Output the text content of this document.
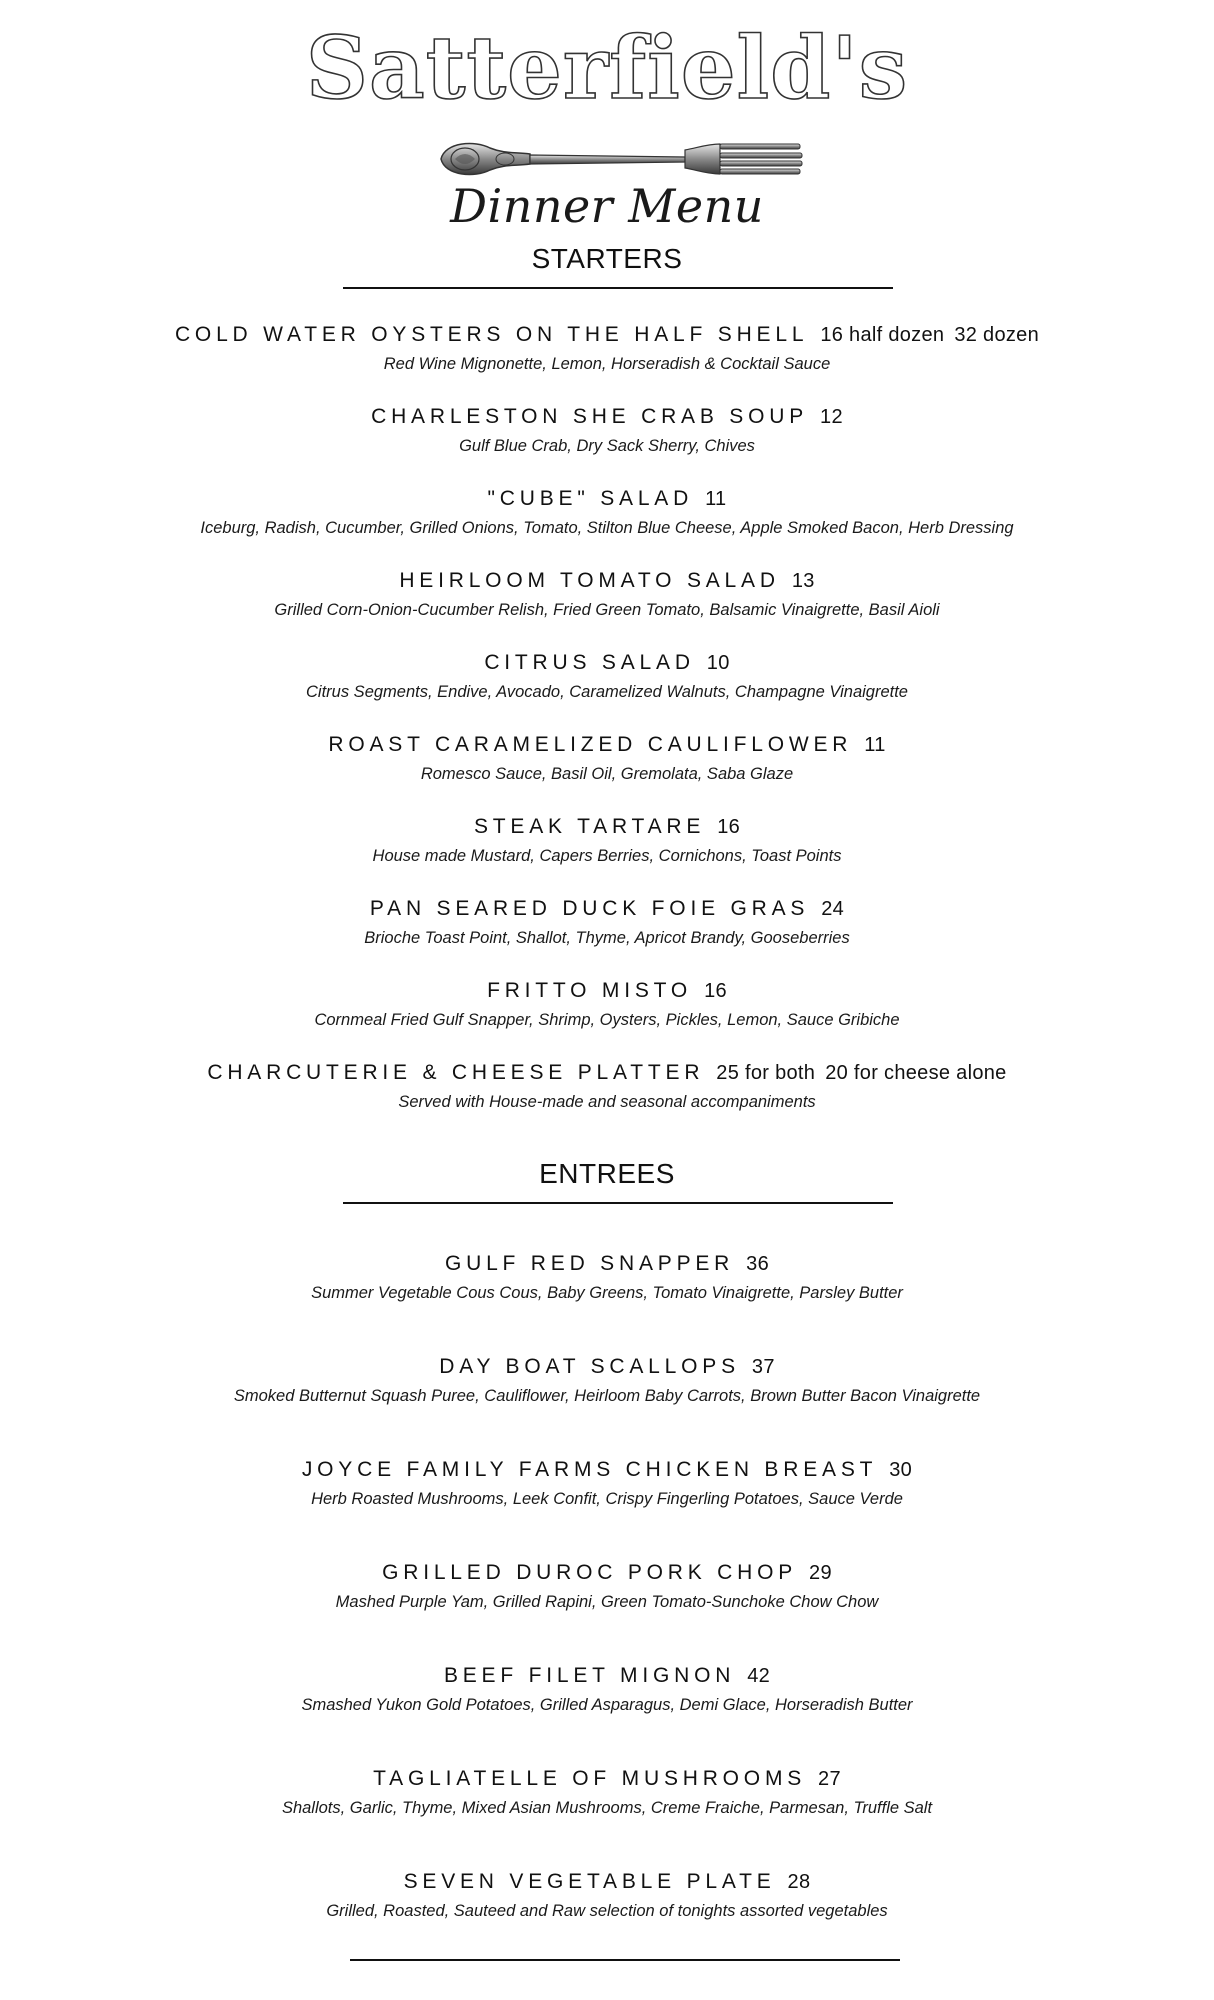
Satterfield's
Dinner Menu
STARTERS
COLD WATER OYSTERS ON THE HALF SHELL 16 half dozen 32 dozen
Red Wine Mignonette, Lemon, Horseradish & Cocktail Sauce
CHARLESTON SHE CRAB SOUP 12
Gulf Blue Crab, Dry Sack Sherry, Chives
"CUBE" SALAD 11
Iceburg, Radish, Cucumber, Grilled Onions, Tomato, Stilton Blue Cheese, Apple Smoked Bacon, Herb Dressing
HEIRLOOM TOMATO SALAD 13
Grilled Corn-Onion-Cucumber Relish, Fried Green Tomato, Balsamic Vinaigrette, Basil Aioli
CITRUS SALAD 10
Citrus Segments, Endive, Avocado, Caramelized Walnuts, Champagne Vinaigrette
ROAST CARAMELIZED CAULIFLOWER 11
Romesco Sauce, Basil Oil, Gremolata, Saba Glaze
STEAK TARTARE 16
House made Mustard, Capers Berries, Cornichons, Toast Points
PAN SEARED DUCK FOIE GRAS 24
Brioche Toast Point, Shallot, Thyme, Apricot Brandy, Gooseberries
FRITTO MISTO 16
Cornmeal Fried Gulf Snapper, Shrimp, Oysters, Pickles, Lemon, Sauce Gribiche
CHARCUTERIE & CHEESE PLATTER 25 for both 20 for cheese alone
Served with House-made and seasonal accompaniments
ENTREES
GULF RED SNAPPER 36
Summer Vegetable Cous Cous, Baby Greens, Tomato Vinaigrette, Parsley Butter
DAY BOAT SCALLOPS 37
Smoked Butternut Squash Puree, Cauliflower, Heirloom Baby Carrots, Brown Butter Bacon Vinaigrette
JOYCE FAMILY FARMS CHICKEN BREAST 30
Herb Roasted Mushrooms, Leek Confit, Crispy Fingerling Potatoes, Sauce Verde
GRILLED DUROC PORK CHOP 29
Mashed Purple Yam, Grilled Rapini, Green Tomato-Sunchoke Chow Chow
BEEF FILET MIGNON 42
Smashed Yukon Gold Potatoes, Grilled Asparagus, Demi Glace, Horseradish Butter
TAGLIATELLE OF MUSHROOMS 27
Shallots, Garlic, Thyme, Mixed Asian Mushrooms, Creme Fraiche, Parmesan, Truffle Salt
SEVEN VEGETABLE PLATE 28
Grilled, Roasted, Sauteed and Raw selection of tonights assorted vegetables
